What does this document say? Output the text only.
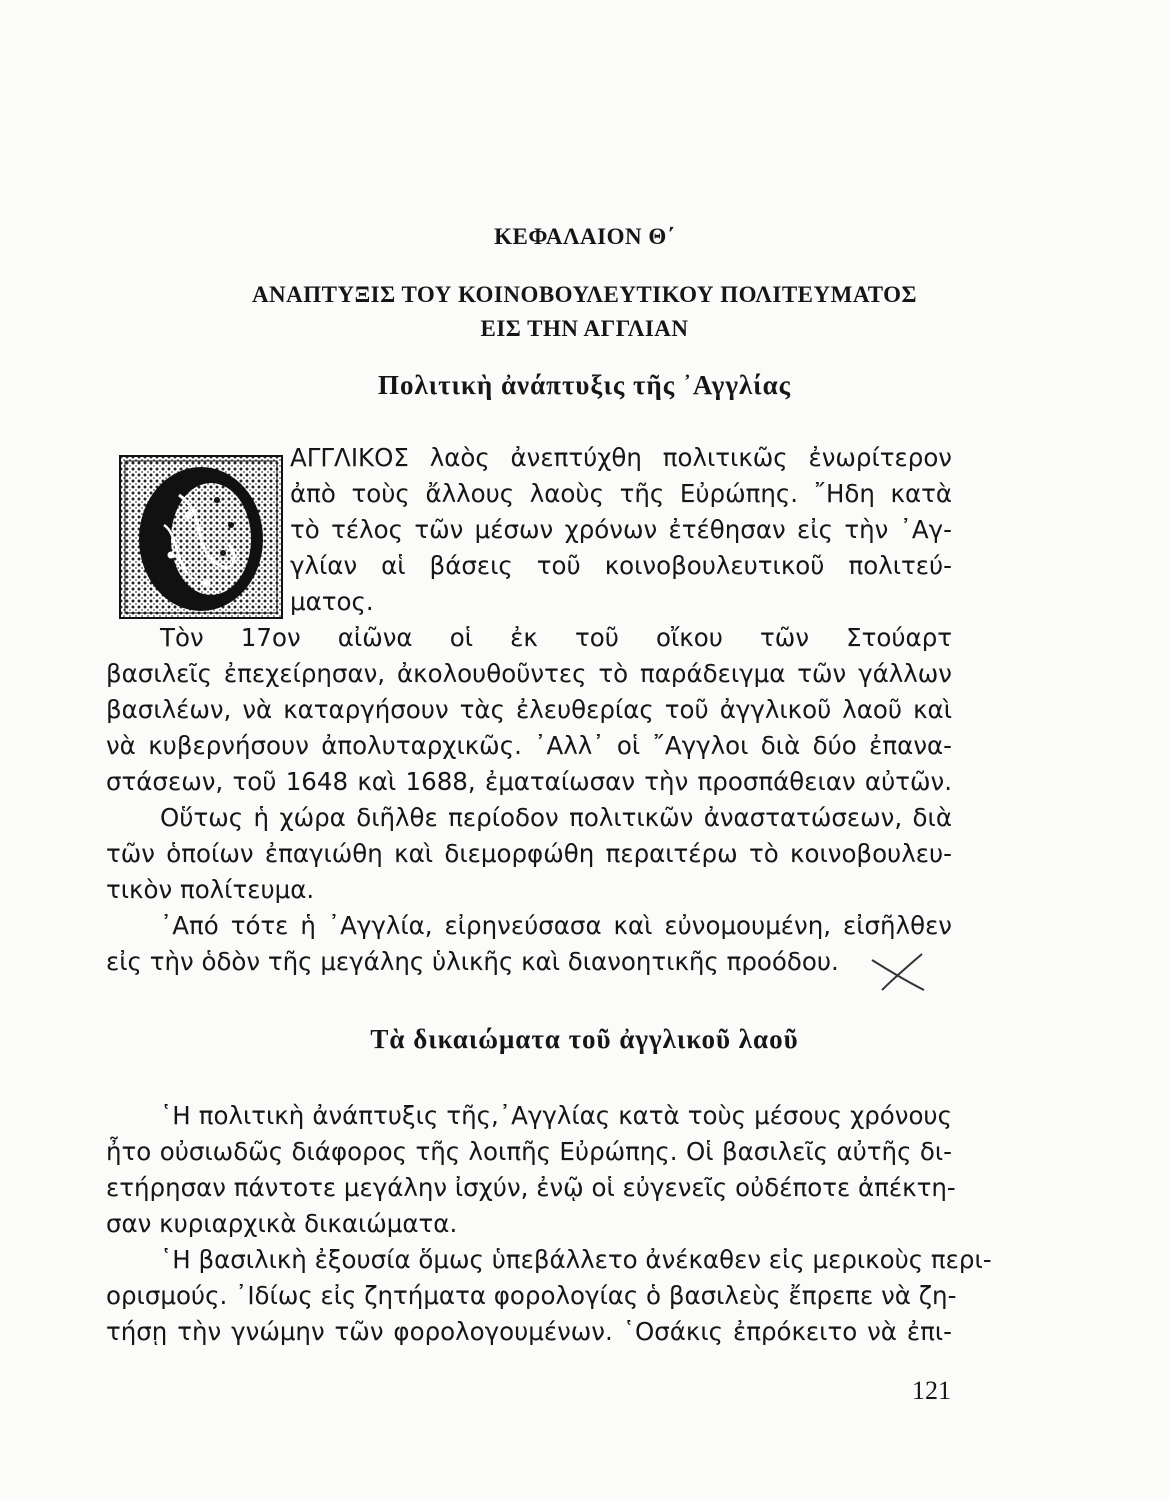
ΚΕΦΑΛΑΙΟΝ Θ΄
ΑΝΑΠΤΥΞΙΣ ΤΟΥ ΚΟΙΝΟΒΟΥΛΕΥΤΙΚΟΥ ΠΟΛΙΤΕΥΜΑΤΟΣ
ΕΙΣ ΤΗΝ ΑΓΓΛΙΑΝ
Πολιτικὴ ἀνάπτυξις τῆς ᾽Αγγλίας
ΑΓΓΛΙΚΟΣ λαὸς ἀνεπτύχθη πολιτικῶς ἐνωρίτερον
ἀπὸ τοὺς ἄλλους λαοὺς τῆς Εὐρώπης. ῎Ηδη κατὰ
τὸ τέλος τῶν μέσων χρόνων ἐτέθησαν εἰς τὴν ᾽Αγ-
γλίαν αἱ βάσεις τοῦ κοινοβουλευτικοῦ πολιτεύ-
ματος.
Τὸν 17ον αἰῶνα οἱ ἐκ τοῦ οἴκου τῶν Στούαρτ
βασιλεῖς ἐπεχείρησαν, ἀκολουθοῦντες τὸ παράδειγμα τῶν γάλλων
βασιλέων, νὰ καταργήσουν τὰς ἐλευθερίας τοῦ ἀγγλικοῦ λαοῦ καὶ
νὰ κυβερνήσουν ἀπολυταρχικῶς. ᾽Αλλ᾽ οἱ ῎Αγγλοι διὰ δύο ἐπανα-
στάσεων, τοῦ 1648 καὶ 1688, ἐματαίωσαν τὴν προσπάθειαν αὐτῶν.
Οὕτως ἡ χώρα διῆλθε περίοδον πολιτικῶν ἀναστατώσεων, διὰ
τῶν ὁποίων ἐπαγιώθη καὶ διεμορφώθη περαιτέρω τὸ κοινοβουλευ-
τικὸν πολίτευμα.
᾽Από τότε ἡ ᾽Αγγλία, εἰρηνεύσασα καὶ εὐνομουμένη, εἰσῆλθεν
εἰς τὴν ὁδὸν τῆς μεγάλης ὑλικῆς καὶ διανοητικῆς προόδου.
Τὰ δικαιώματα τοῦ ἀγγλικοῦ λαοῦ
῾Η πολιτικὴ ἀνάπτυξις τῆς,᾽Αγγλίας κατὰ τοὺς μέσους χρόνους
ἦτο οὐσιωδῶς διάφορος τῆς λοιπῆς Εὐρώπης. Οἱ βασιλεῖς αὐτῆς δι-
ετήρησαν πάντοτε μεγάλην ἰσχύν, ἐνῷ οἱ εὐγενεῖς οὐδέποτε ἀπέκτη-
σαν κυριαρχικὰ δικαιώματα.
῾Η βασιλικὴ ἐξουσία ὅμως ὑπεβάλλετο ἀνέκαθεν εἰς μερικοὺς περι-
ορισμούς. ᾽Ιδίως εἰς ζητήματα φορολογίας ὁ βασιλεὺς ἔπρεπε νὰ ζη-
τήσῃ τὴν γνώμην τῶν φορολογουμένων. ῾Οσάκις ἐπρόκειτο νὰ ἐπι-
121
